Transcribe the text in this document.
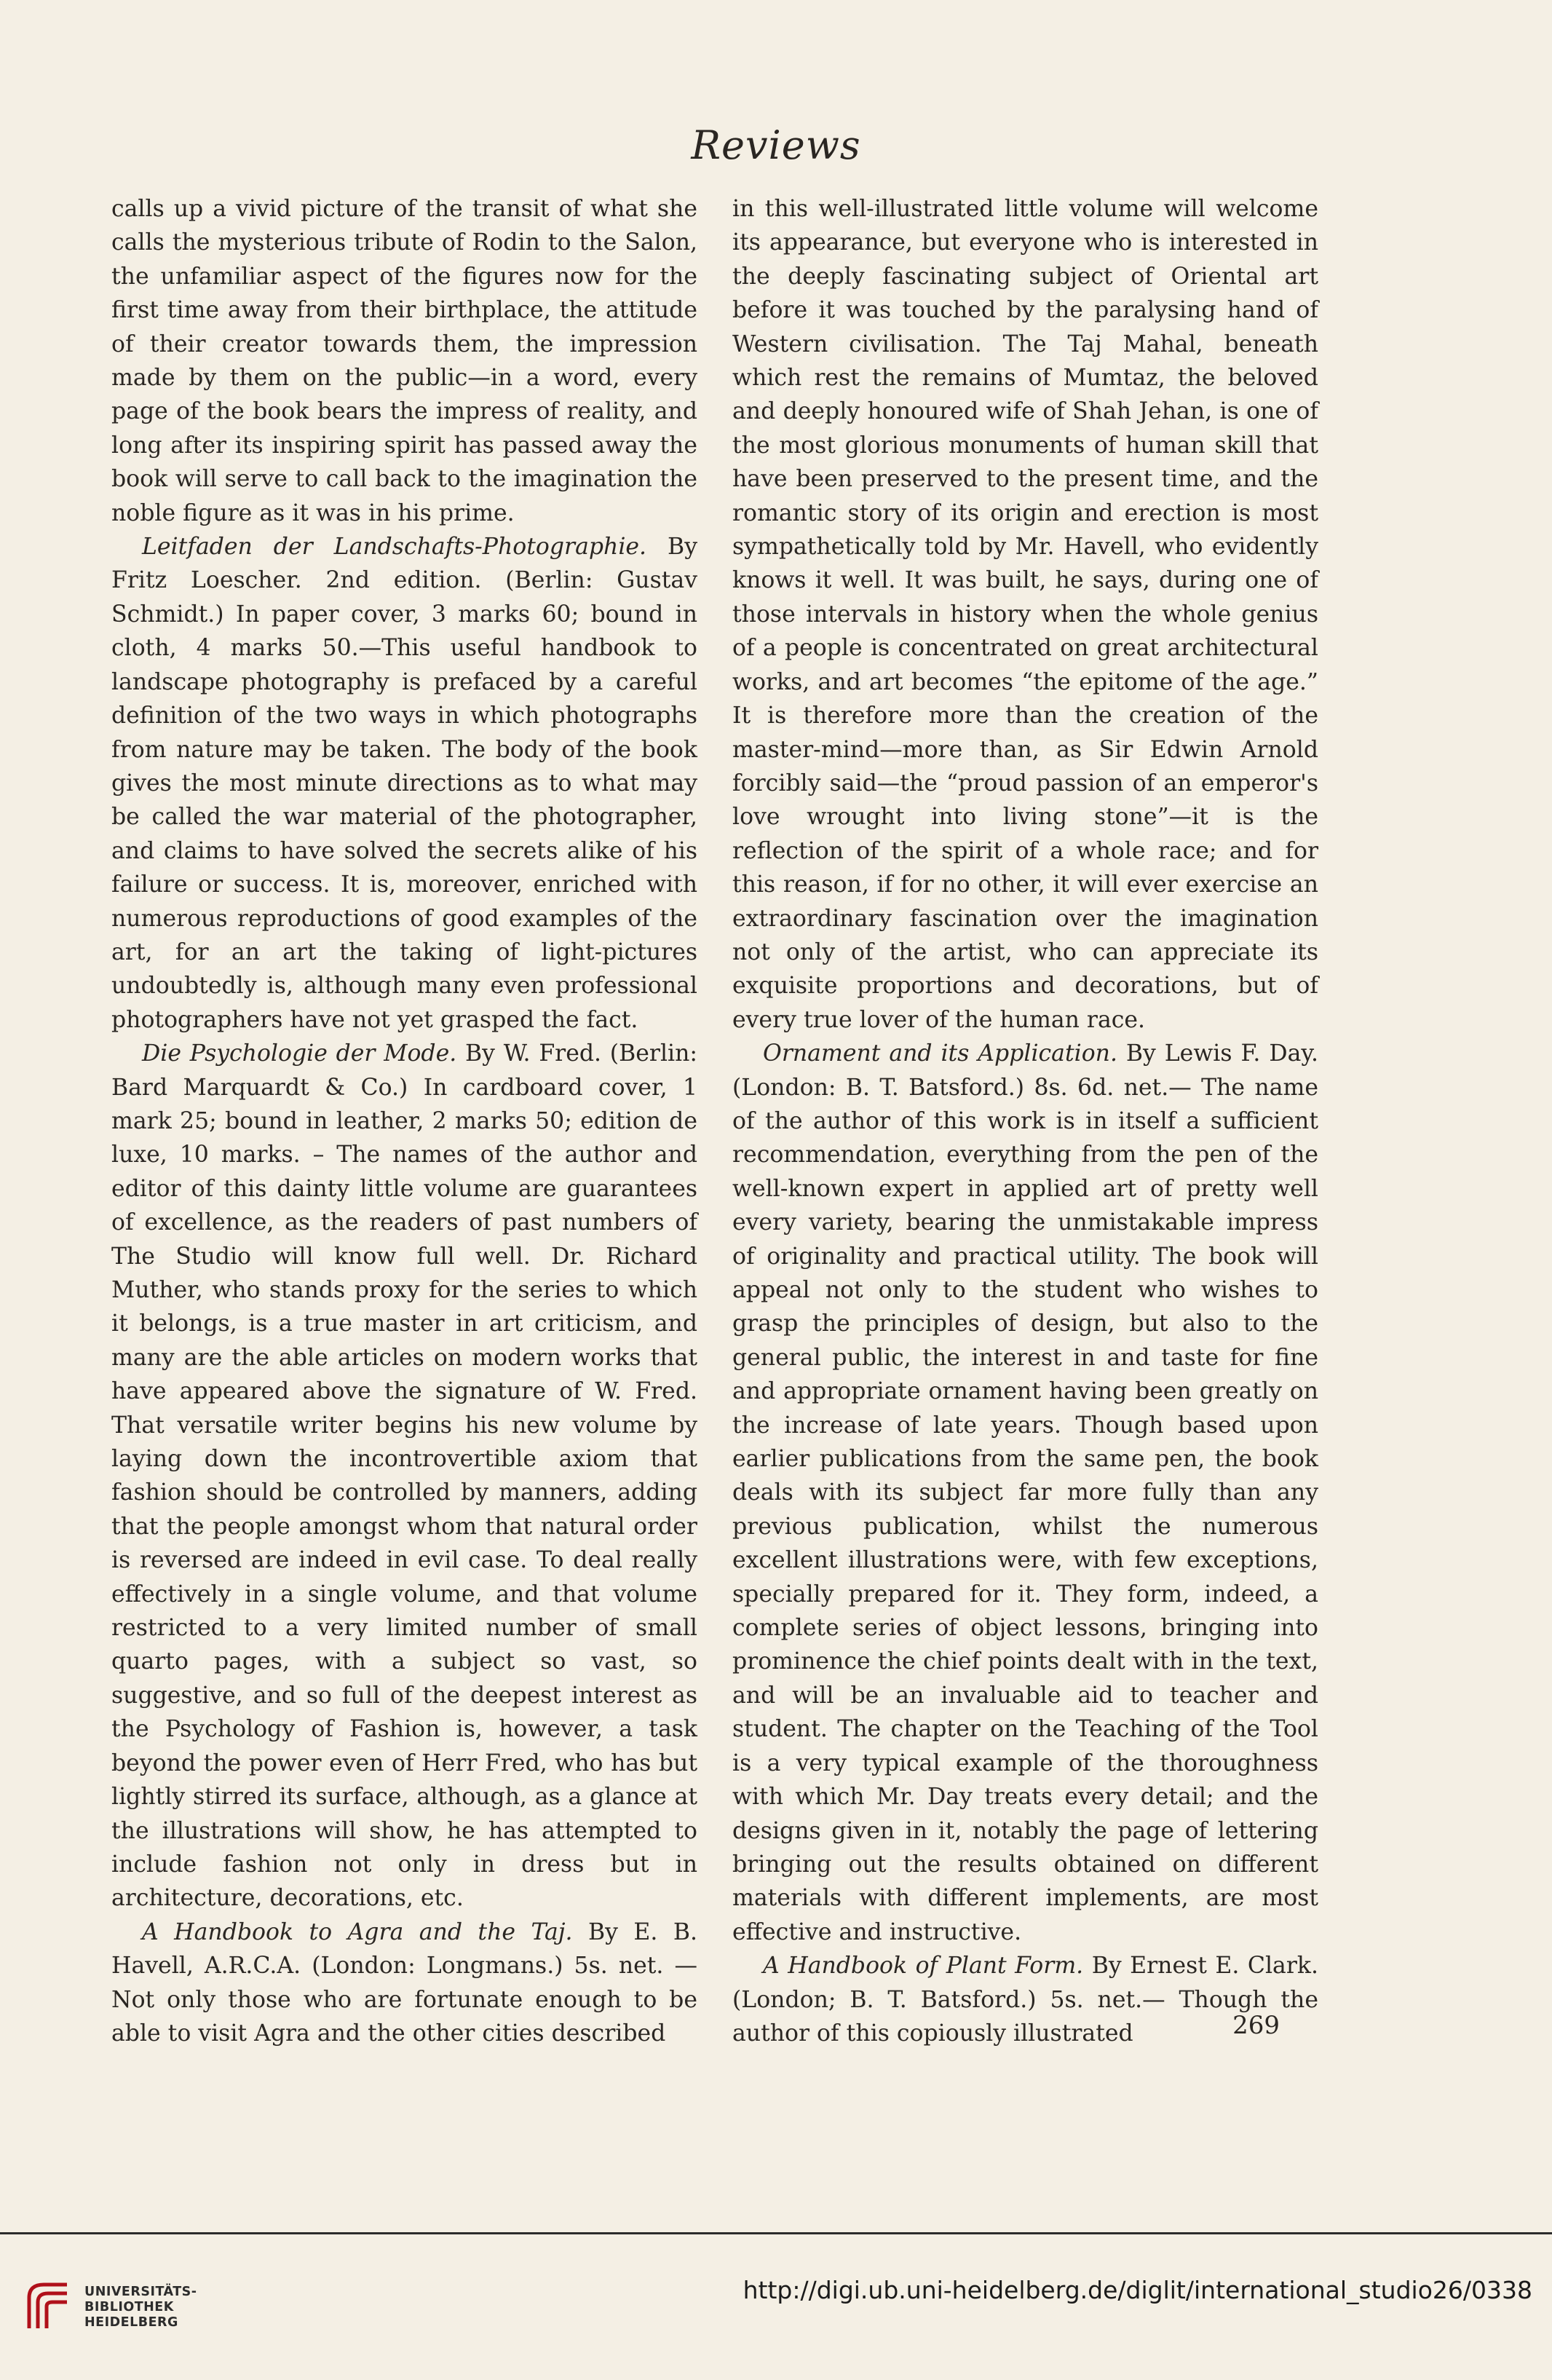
Reviews

calls up a vivid picture of the transit of what she calls the mysterious tribute of Rodin to the Salon, the unfamiliar aspect of the figures now for the first time away from their birthplace, the attitude of their creator towards them, the impression made by them on the public—in a word, every page of the book bears the impress of reality, and long after its inspiring spirit has passed away the book will serve to call back to the imagination the noble figure as it was in his prime.

Leitfaden der Landschafts-Photographie. By Fritz Loescher. 2nd edition. (Berlin: Gustav Schmidt.) In paper cover, 3 marks 60; bound in cloth, 4 marks 50.—This useful handbook to landscape photography is prefaced by a careful definition of the two ways in which photographs from nature may be taken. The body of the book gives the most minute directions as to what may be called the war material of the photographer, and claims to have solved the secrets alike of his failure or success. It is, moreover, enriched with numerous reproductions of good examples of the art, for an art the taking of light-pictures undoubtedly is, although many even professional photographers have not yet grasped the fact.

Die Psychologie der Mode. By W. Fred. (Berlin: Bard Marquardt & Co.) In cardboard cover, 1 mark 25; bound in leather, 2 marks 50; edition de luxe, 10 marks. – The names of the author and editor of this dainty little volume are guarantees of excellence, as the readers of past numbers of The Studio will know full well. Dr. Richard Muther, who stands proxy for the series to which it belongs, is a true master in art criticism, and many are the able articles on modern works that have appeared above the signature of W. Fred. That versatile writer begins his new volume by laying down the incontrovertible axiom that fashion should be controlled by manners, adding that the people amongst whom that natural order is reversed are indeed in evil case. To deal really effectively in a single volume, and that volume restricted to a very limited number of small quarto pages, with a subject so vast, so suggestive, and so full of the deepest interest as the Psychology of Fashion is, however, a task beyond the power even of Herr Fred, who has but lightly stirred its surface, although, as a glance at the illustrations will show, he has attempted to include fashion not only in dress but in architecture, decorations, etc.

A Handbook to Agra and the Taj. By E. B. Havell, A.R.C.A. (London: Longmans.) 5s. net. —Not only those who are fortunate enough to be able to visit Agra and the other cities described

in this well-illustrated little volume will welcome its appearance, but everyone who is interested in the deeply fascinating subject of Oriental art before it was touched by the paralysing hand of Western civilisation. The Taj Mahal, beneath which rest the remains of Mumtaz, the beloved and deeply honoured wife of Shah Jehan, is one of the most glorious monuments of human skill that have been preserved to the present time, and the romantic story of its origin and erection is most sympathetically told by Mr. Havell, who evidently knows it well. It was built, he says, during one of those intervals in history when the whole genius of a people is concentrated on great architectural works, and art becomes “the epitome of the age.” It is therefore more than the creation of the master-mind—more than, as Sir Edwin Arnold forcibly said—the “proud passion of an emperor's love wrought into living stone”—it is the reflection of the spirit of a whole race; and for this reason, if for no other, it will ever exercise an extraordinary fascination over the imagination not only of the artist, who can appreciate its exquisite proportions and decorations, but of every true lover of the human race.

Ornament and its Application. By Lewis F. Day. (London: B. T. Batsford.) 8s. 6d. net.— The name of the author of this work is in itself a sufficient recommendation, everything from the pen of the well-known expert in applied art of pretty well every variety, bearing the unmistakable impress of originality and practical utility. The book will appeal not only to the student who wishes to grasp the principles of design, but also to the general public, the interest in and taste for fine and appropriate ornament having been greatly on the increase of late years. Though based upon earlier publications from the same pen, the book deals with its subject far more fully than any previous publication, whilst the numerous excellent illustrations were, with few exceptions, specially prepared for it. They form, indeed, a complete series of object lessons, bringing into prominence the chief points dealt with in the text, and will be an invaluable aid to teacher and student. The chapter on the Teaching of the Tool is a very typical example of the thoroughness with which Mr. Day treats every detail; and the designs given in it, notably the page of lettering bringing out the results obtained on different materials with different implements, are most effective and instructive.

A Handbook of Plant Form. By Ernest E. Clark. (London; B. T. Batsford.) 5s. net.— Though the author of this copiously illustrated	269
UNIVERSITÄTS-
BIBLIOTHEK
HEIDELBERG
http://digi.ub.uni-heidelberg.de/diglit/international_studio26/0338
